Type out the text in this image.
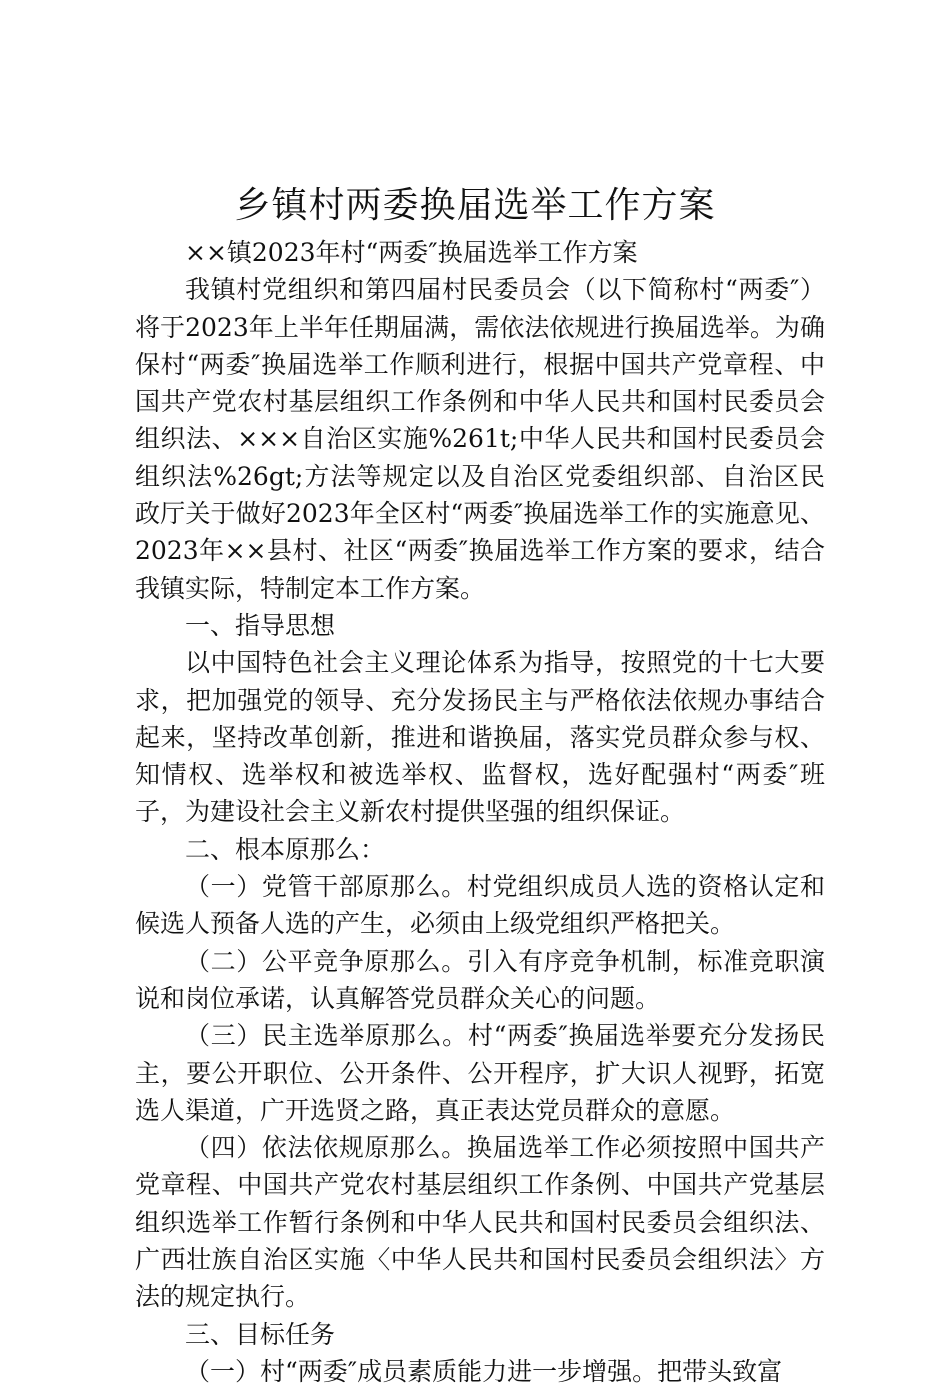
乡镇村两委换届选举工作方案

××镇2023年村“两委″换届选举工作方案

我镇村党组织和第四届村民委员会（以下简称村“两委″）将于2023年上半年任期届满，需依法依规进行换届选举。为确保村“两委″换届选举工作顺利进行，根据中国共产党章程、中国共产党农村基层组织工作条例和中华人民共和国村民委员会组织法、×××自治区实施%261t;中华人民共和国村民委员会组织法%26gt;方法等规定以及自治区党委组织部、自治区民政厅关于做好2023年全区村“两委″换届选举工作的实施意见、2023年××县村、社区“两委″换届选举工作方案的要求，结合我镇实际，特制定本工作方案。

一、指导思想

以中国特色社会主义理论体系为指导，按照党的十七大要求，把加强党的领导、充分发扬民主与严格依法依规办事结合起来，坚持改革创新，推进和谐换届，落实党员群众参与权、知情权、选举权和被选举权、监督权，选好配强村“两委″班子，为建设社会主义新农村提供坚强的组织保证。

二、根本原那么：

（一）党管干部原那么。村党组织成员人选的资格认定和候选人预备人选的产生，必须由上级党组织严格把关。

（二）公平竞争原那么。引入有序竞争机制，标准竞职演说和岗位承诺，认真解答党员群众关心的问题。

（三）民主选举原那么。村“两委″换届选举要充分发扬民主，要公开职位、公开条件、公开程序，扩大识人视野，拓宽选人渠道，广开选贤之路，真正表达党员群众的意愿。

（四）依法依规原那么。换届选举工作必须按照中国共产党章程、中国共产党农村基层组织工作条例、中国共产党基层组织选举工作暂行条例和中华人民共和国村民委员会组织法、广西壮族自治区实施〈中华人民共和国村民委员会组织法〉方法的规定执行。

三、目标任务

（一）村“两委″成员素质能力进一步增强。把带头致富
